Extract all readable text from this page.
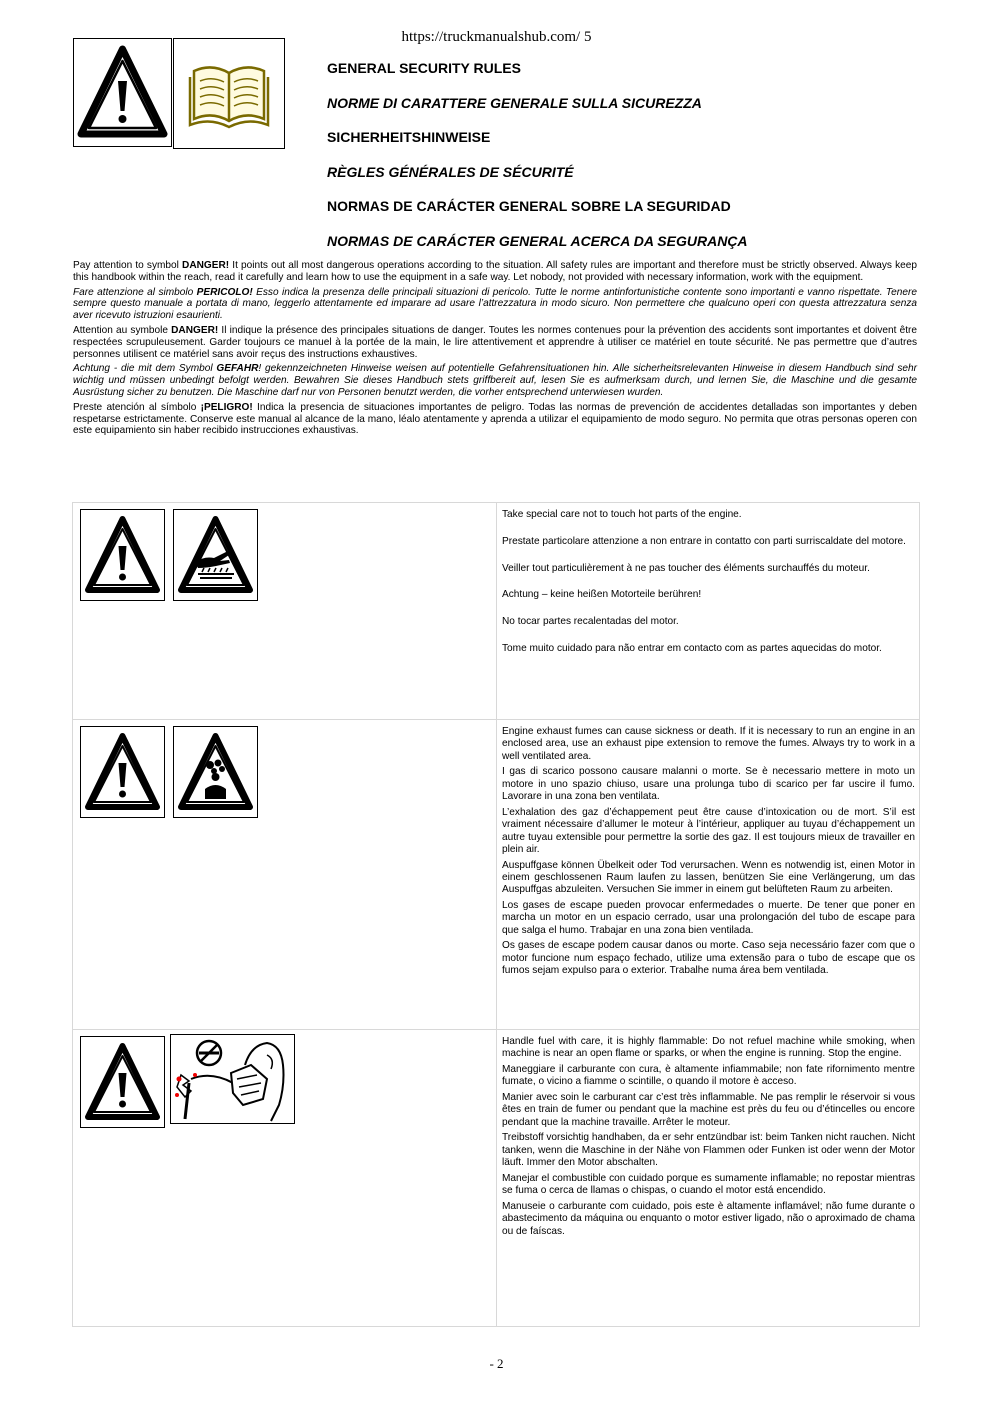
https://truckmanualshub.com/ 5
GENERAL SECURITY RULES
NORME DI CARATTERE GENERALE SULLA SICUREZZA
SICHERHEITSHINWEISE
RÈGLES GÉNÉRALES DE SÉCURITÉ
NORMAS DE CARÁCTER GENERAL SOBRE LA SEGURIDAD
NORMAS DE CARÁCTER GENERAL ACERCA DA SEGURANÇA

Pay attention to symbol DANGER! It points out all most dangerous operations according to the situation. All safety rules are important and therefore must be strictly observed. Always keep this handbook within the reach, read it carefully and learn how to use the equipment in a safe way. Let nobody, not provided with necessary information, work with the equipment.

Fare attenzione al simbolo PERICOLO! Esso indica la presenza delle principali situazioni di pericolo. Tutte le norme antinfortunistiche contente sono importanti e vanno rispettate. Tenere sempre questo manuale a portata di mano, leggerlo attentamente ed imparare ad usare l’attrezzatura in modo sicuro. Non permettere che qualcuno operi con questa attrezzatura senza aver ricevuto istruzioni esaurienti.

Attention au symbole DANGER! Il indique la présence des principales situations de danger. Toutes les normes contenues pour la prévention des accidents sont importantes et doivent être respectées scrupuleusement. Garder toujours ce manuel à la portée de la main, le lire attentivement et apprendre à utiliser ce matériel en toute sécurité. Ne pas permettre que d’autres personnes utilisent ce matériel sans avoir reçus des instructions exhaustives.

Achtung - die mit dem Symbol GEFAHR! gekennzeichneten Hinweise weisen auf potentielle Gefahrensituationen hin. Alle sicherheitsrelevanten Hinweise in diesem Handbuch sind sehr wichtig und müssen unbedingt befolgt werden. Bewahren Sie dieses Handbuch stets griffbereit auf, lesen Sie es aufmerksam durch, und lernen Sie, die Maschine und die gesamte Ausrüstung sicher zu benutzen. Die Maschine darf nur von Personen benutzt werden, die vorher entsprechend unterwiesen wurden.

Preste atención al símbolo ¡PELIGRO! Indica la presencia de situaciones importantes de peligro. Todas las normas de prevención de accidentes detalladas son importantes y deben respetarse estrictamente. Conserve este manual al alcance de la mano, léalo atentamente y aprenda a utilizar el equipamiento de modo seguro. No permita que otras personas operen con este equipamiento sin haber recibido instrucciones exhaustivas.

Take special care not to touch hot parts of the engine.

Prestate particolare attenzione a non entrare in contatto con parti surriscaldate del motore.

Veiller tout particulièrement à ne pas toucher des éléments surchauffés du moteur.

Achtung – keine heißen Motorteile berühren!

No tocar partes recalentadas del motor.

Tome muito cuidado para não entrar em contacto com as partes aquecidas do motor.

Engine exhaust fumes can cause sickness or death. If it is necessary to run an engine in an enclosed area, use an exhaust pipe extension to remove the fumes. Always try to work in a well ventilated area.

I gas di scarico possono causare malanni o morte. Se è necessario mettere in moto un motore in uno spazio chiuso, usare una prolunga tubo di scarico per far uscire il fumo. Lavorare in una zona ben ventilata.

L’exhalation des gaz d’échappement peut être cause d’intoxication ou de mort. S’il est vraiment nécessaire d’allumer le moteur à l’intérieur, appliquer au tuyau d’échappement un autre tuyau extensible pour permettre la sortie des gaz. Il est toujours mieux de travailler en plein air.

Auspuffgase können Übelkeit oder Tod verursachen. Wenn es notwendig ist, einen Motor in einem geschlossenen Raum laufen zu lassen, benützen Sie eine Verlängerung, um das Auspuffgas abzuleiten. Versuchen Sie immer in einem gut belüfteten Raum zu arbeiten.

Los gases de escape pueden provocar enfermedades o muerte. De tener que poner en marcha un motor en un espacio cerrado, usar una prolongación del tubo de escape para que salga el humo. Trabajar en una zona bien ventilada.

Os gases de escape podem causar danos ou morte. Caso seja necessário fazer com que o motor funcione num espaço fechado, utilize uma extensão para o tubo de escape que os fumos sejam expulso para o exterior. Trabalhe numa área bem ventilada.

Handle fuel with care, it is highly flammable: Do not refuel machine while smoking, when machine is near an open flame or sparks, or when the engine is running. Stop the engine.

Maneggiare il carburante con cura, è altamente infiammabile; non fate rifornimento mentre fumate, o vicino a fiamme o scintille, o quando il motore è acceso.

Manier avec soin le carburant car c’est très inflammable. Ne pas remplir le réservoir si vous êtes en train de fumer ou pendant que la machine est près du feu ou d’étincelles ou encore pendant que la machine travaille. Arrêter le moteur.

Treibstoff vorsichtig handhaben, da er sehr entzündbar ist: beim Tanken nicht rauchen. Nicht tanken, wenn die Maschine in der Nähe von Flammen oder Funken ist oder wenn der Motor läuft. Immer den Motor abschalten.

Manejar el combustible con cuidado porque es sumamente inflamable; no repostar mientras se fuma o cerca de llamas o chispas, o cuando el motor está encendido.

Manuseie o carburante com cuidado, pois este è altamente inflamável; não fume durante o abastecimento da máquina ou enquanto o motor estiver ligado, não o aproximado de chama ou de faíscas.

- 2
